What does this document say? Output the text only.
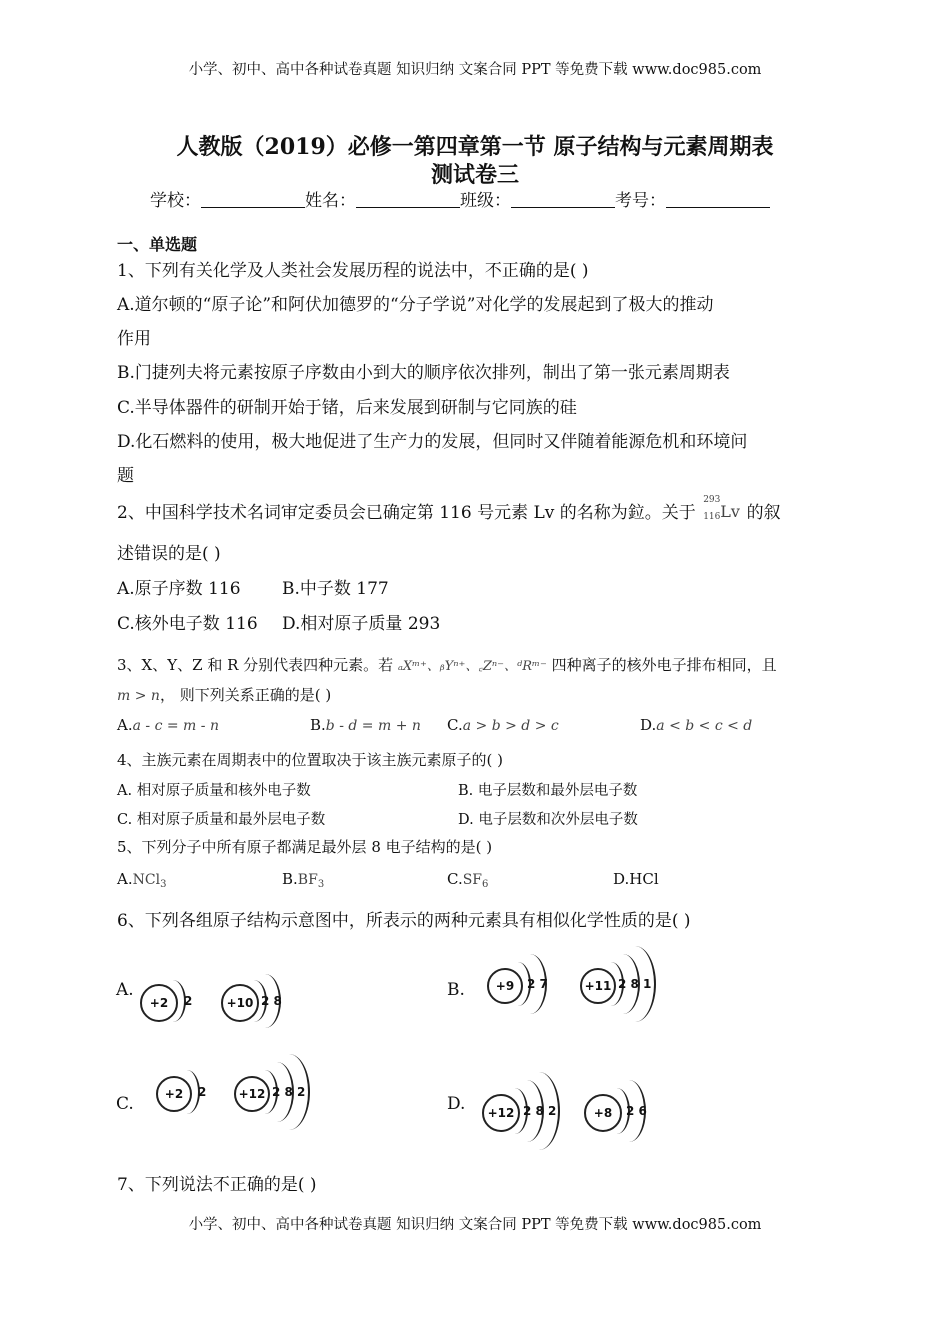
小学、初中、高中各种试卷真题 知识归纳 文案合同 PPT 等免费下载 www.doc985.com
人教版（2019）必修一第四章第一节 原子结构与元素周期表
测试卷三
学校：	姓名：	班级：	考号：
一、单选题
1、下列有关化学及人类社会发展历程的说法中，不正确的是( )
A.道尔顿的“原子论”和阿伏加德罗的“分子学说”对化学的发展起到了极大的推动
作用
B.门捷列夫将元素按原子序数由小到大的顺序依次排列，制出了第一张元素周期表
C.半导体器件的研制开始于锗，后来发展到研制与它同族的硅
D.化石燃料的使用，极大地促进了生产力的发展，但同时又伴随着能源危机和环境问
题
2、中国科学技术名词审定委员会已确定第 116 号元素 Lv 的名称为鉝。关于
293
116 Lv 的叙
述错误的是( )
A.原子序数 116 B.中子数 177
C.核外电子数 116 D.相对原子质量 293
3、X、Y、Z 和 R 分别代表四种元素。若 ₐXᵐ⁺、ᵦYⁿ⁺、꜀Zⁿ⁻、ᵈRᵐ⁻ 四种离子的核外电子排布相同，且
m > n， 则下列关系正确的是( )
A.a - c = m - n	B.b - d = m + n C.a > b > d > c	D.a < b < c < d
4、主族元素在周期表中的位置取决于该主族元素原子的( )
A. 相对原子质量和核外电子数	B. 电子层数和最外层电子数
C. 相对原子质量和最外层电子数	D. 电子层数和次外层电子数
5、下列分子中所有原子都满足最外层 8 电子结构的是( )
A.NCl$_3$	$B.BF_3$	$C.SF_6$	D.HCl
6、下列各组原子结构示意图中，所表示的两种元素具有相似化学性质的是( )
A.	B.
C.	D.
+2	2	+10 2 8
+9	2 7	+11 2 8 1
+2	2	+12 2 8 2
+12 2 8 2	+8	2 6
7、下列说法不正确的是( )
小学、初中、高中各种试卷真题 知识归纳 文案合同 PPT 等免费下载 www.doc985.com
